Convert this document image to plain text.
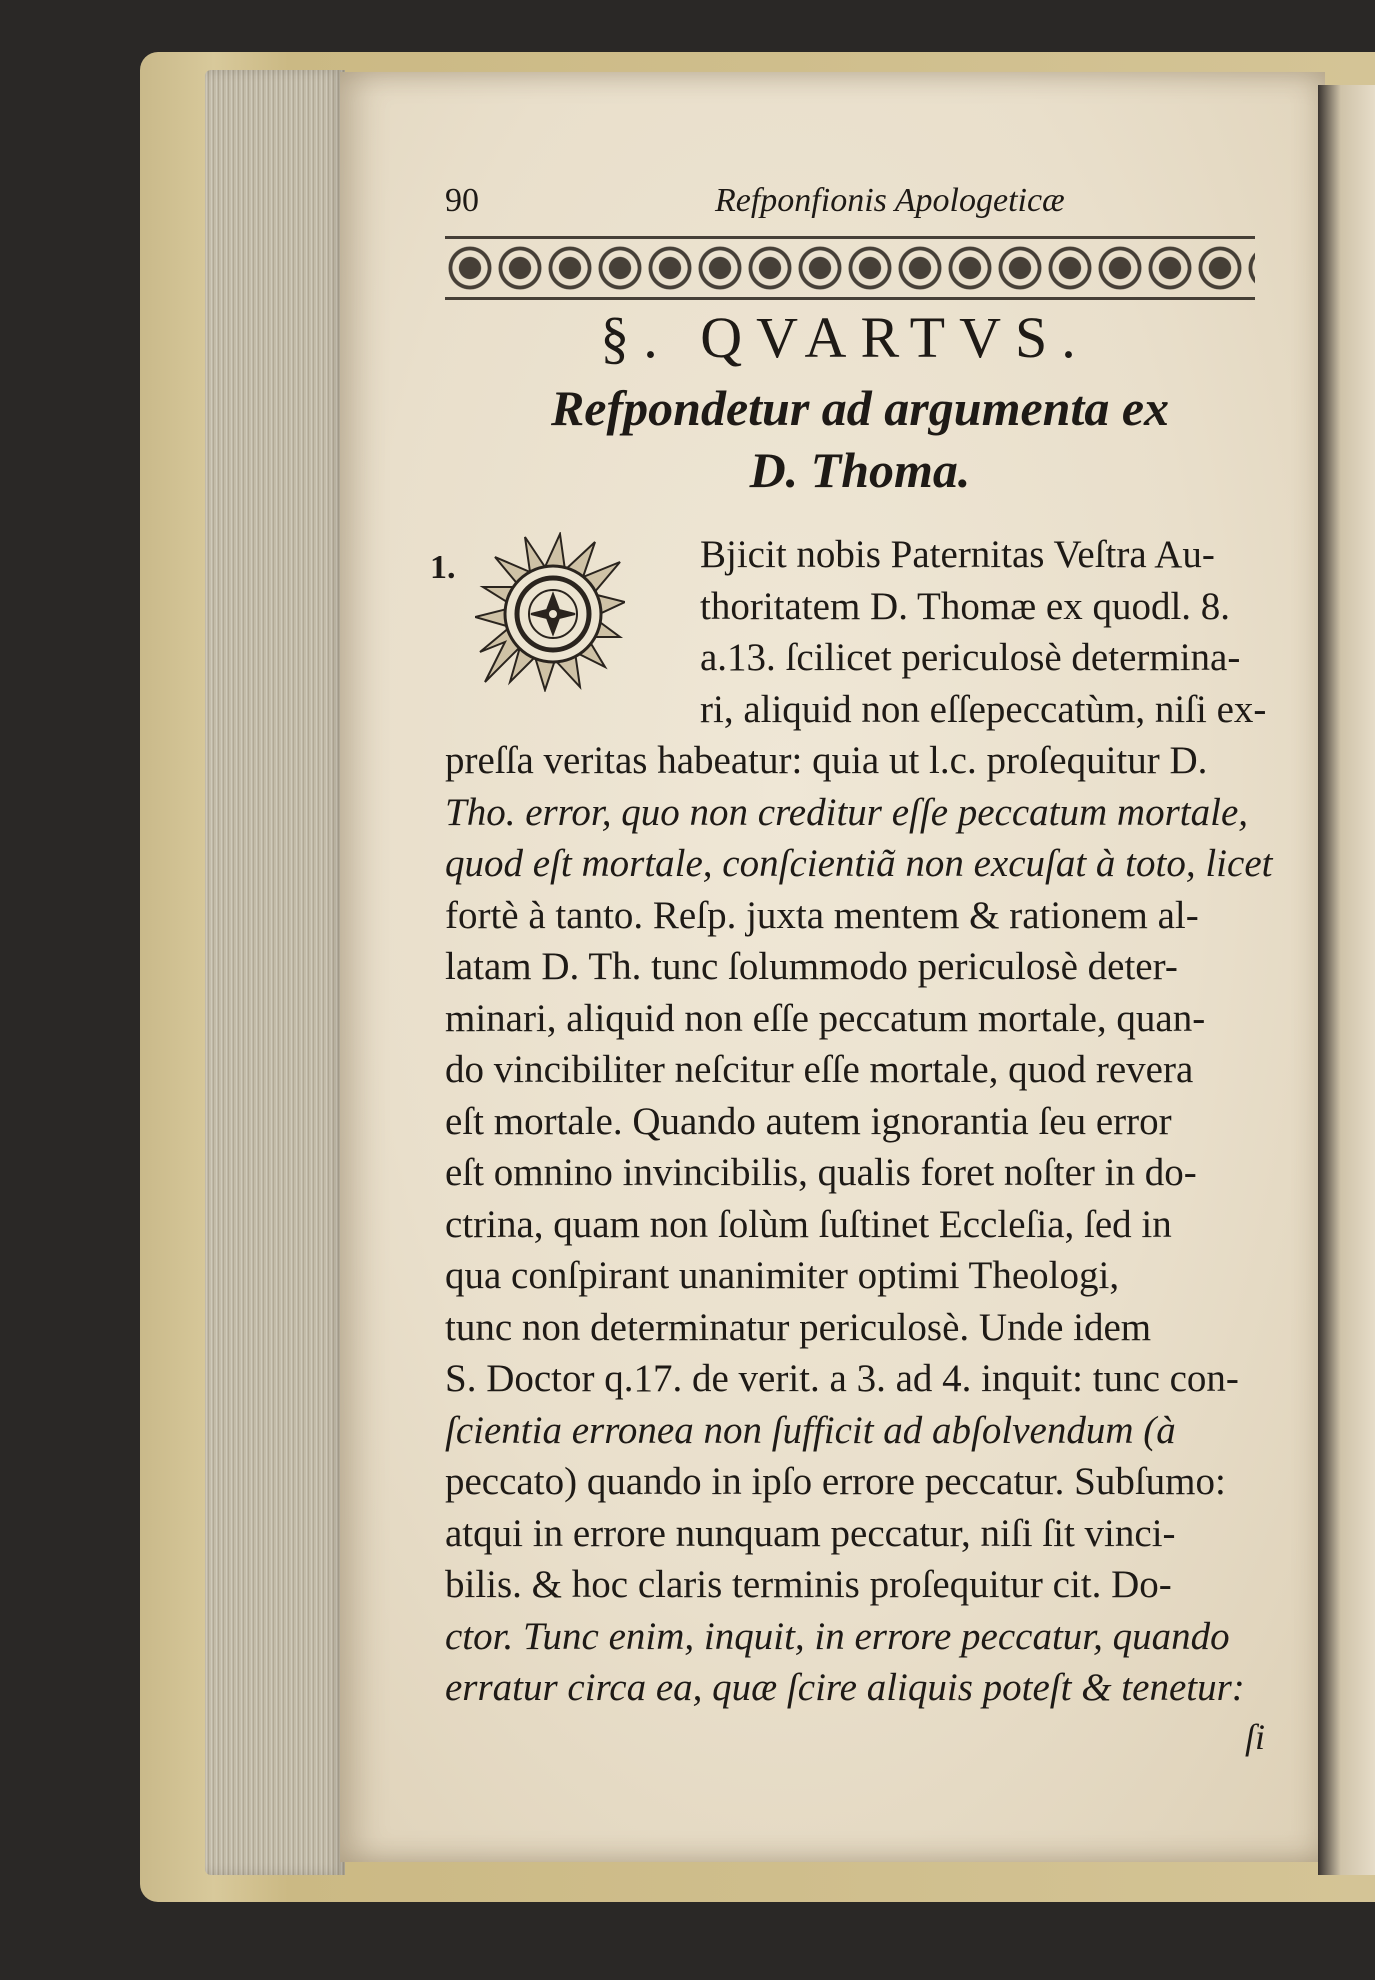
90	Refponfionis Apologeticæ
§. QVARTVS.
Refpondetur ad argumenta ex
D. Thoma.
1.
O
Bjicit nobis Paternitas Veſtra Au-
thoritatem D. Thomæ ex quodl. 8.
a.13. ſcilicet periculosè determina-
ri, aliquid non eſſepeccatùm, niſi ex-
preſſa veritas habeatur: quia ut l.c. proſequitur D.
Tho. error, quo non creditur eſſe peccatum mortale,
quod eſt mortale, conſcientiã non excuſat à toto, licet
fortè à tanto. Reſp. juxta mentem & rationem al-
latam D. Th. tunc ſolummodo periculosè deter-
minari, aliquid non eſſe peccatum mortale, quan-
do vincibiliter neſcitur eſſe mortale, quod revera
eſt mortale. Quando autem ignorantia ſeu error
eſt omnino invincibilis, qualis foret noſter in do-
ctrina, quam non ſolùm ſuſtinet Eccleſia, ſed in
qua conſpirant unanimiter optimi Theologi,
tunc non determinatur periculosè. Unde idem
S. Doctor q.17. de verit. a 3. ad 4. inquit: tunc con-
ſcientia erronea non ſufficit ad abſolvendum (à
peccato) quando in ipſo errore peccatur. Subſumo:
atqui in errore nunquam peccatur, niſi ſit vinci-
bilis. & hoc claris terminis proſequitur cit. Do-
ctor. Tunc enim, inquit, in errore peccatur, quando
erratur circa ea, quæ ſcire aliquis poteſt & tenetur:
ſi
